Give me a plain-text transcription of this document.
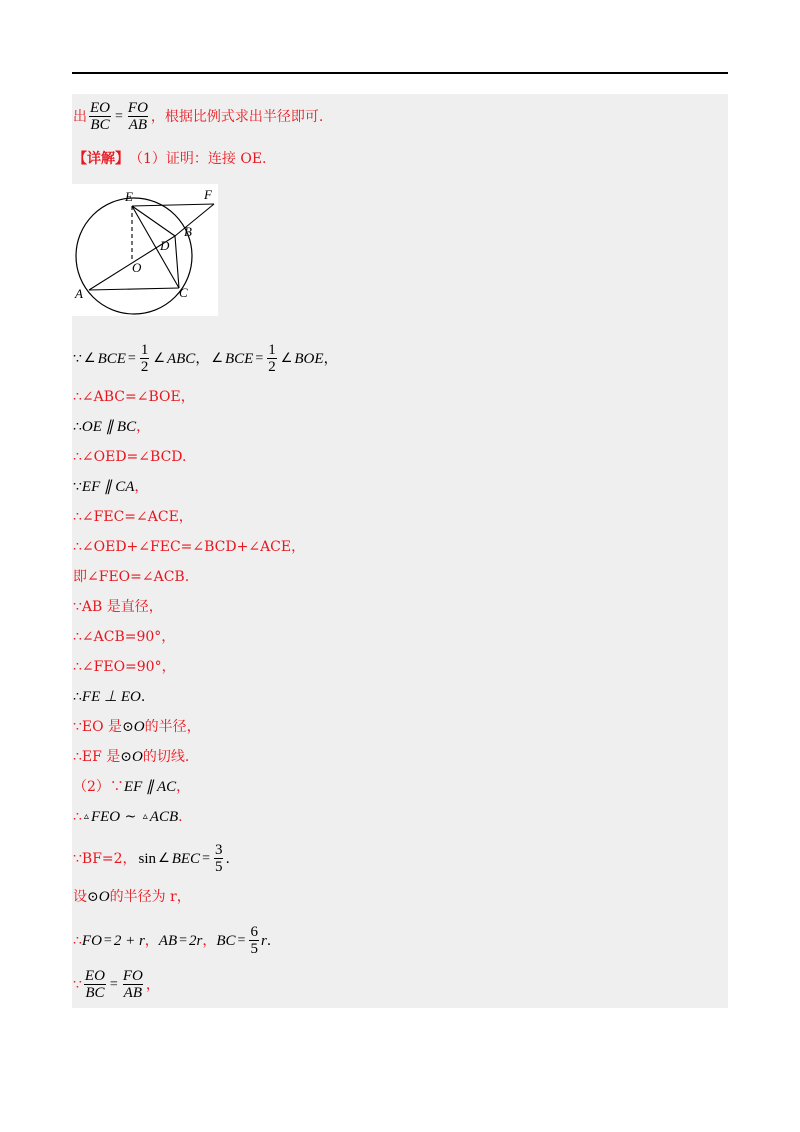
出 $\frac{EO}{BC} = \frac{FO}{AB}$ ，根据比例式求出半径即可.
【详解】 （1）证明：连接 OE.
E	F
B
D
O
A	C
∵ ∠ BCE = $\frac{1}{2}$ ∠ ABC ， ∠ BCE = $\frac{1}{2}$ ∠ BOE ，
∴∠ABC=∠BOE，
∴ OE ∥ BC ，
∴∠OED=∠BCD.
∵ EF ∥ CA ，
∴∠FEC=∠ACE，
∴∠OED+∠FEC=∠BCD+∠ACE，
即∠FEO=∠ACB.
∵AB 是直径，
∴∠ACB=90°，
∴∠FEO=90°，
∴ FE ⊥ EO .
∵EO 是 ⊙ O 的半径，
∴EF 是 ⊙ O 的切线.
（2）∵ EF ∥ AC ，
∴ ▵ FEO ~ ▵ ACB .
∵BF=2， sin ∠ BEC = $\frac{3}{5}$ .
设 ⊙ O 的半径为 r，
∴ FO = 2 + r ， AB = 2r ， BC = $\frac{6}{5}$ r .
∵ $\frac{EO}{BC} = \frac{FO}{AB}$ ，
